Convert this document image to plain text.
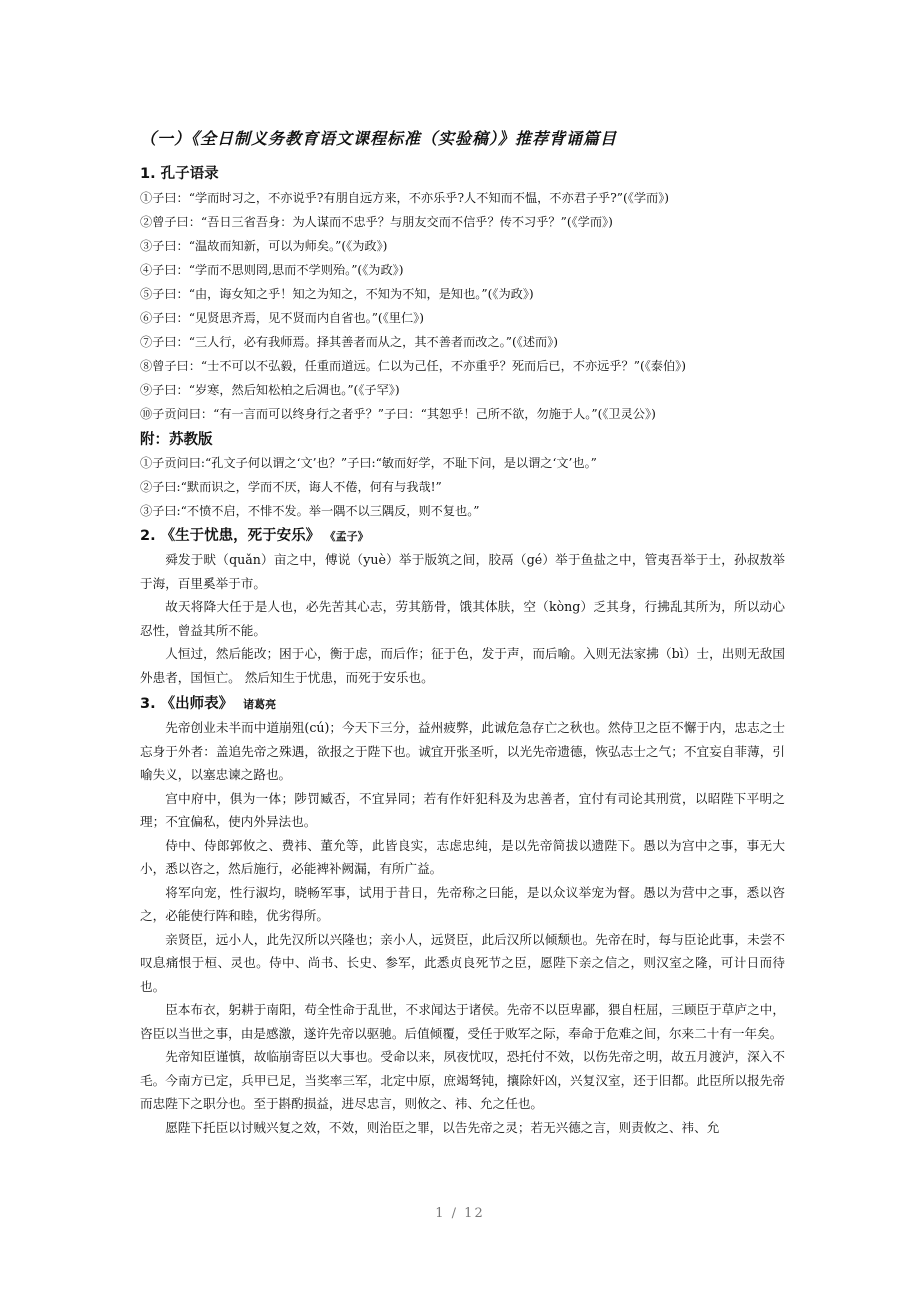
（一）《全日制义务教育语文课程标准（实验稿）》推荐背诵篇目
1. 孔子语录
①子曰：“学而时习之，不亦说乎?有朋自远方来，不亦乐乎?人不知而不愠，不亦君子乎?”(《学而》)
②曾子曰：“吾日三省吾身：为人谋而不忠乎？与朋友交而不信乎？传不习乎？”(《学而》)
③子曰：“温故而知新，可以为师矣。”(《为政》)
④子曰：“学而不思则罔,思而不学则殆。”(《为政》)
⑤子曰：“由，诲女知之乎！知之为知之，不知为不知，是知也。”(《为政》)
⑥子曰：“见贤思齐焉，见不贤而内自省也。”(《里仁》)
⑦子曰：“三人行，必有我师焉。择其善者而从之，其不善者而改之。”(《述而》)
⑧曾子曰：“士不可以不弘毅，任重而道远。仁以为己任，不亦重乎？死而后已，不亦远乎？”(《泰伯》)
⑨子曰：“岁寒，然后知松柏之后凋也。”(《子罕》)
⑩子贡问曰：“有一言而可以终身行之者乎？”子曰：“其恕乎！己所不欲，勿施于人。”(《卫灵公》)
附：苏教版
①子贡问曰:“孔文子何以谓之‘文’也？”子曰:“敏而好学，不耻下问，是以谓之‘文’也。”
②子曰:“默而识之，学而不厌，诲人不倦，何有与我哉!”
③子曰:“不愤不启，不悱不发。举一隅不以三隅反，则不复也。”
2. 《生于忧患，死于安乐》 《孟子》

舜发于畎（quǎn）亩之中，傅说（yuè）举于版筑之间，胶鬲（gé）举于鱼盐之中，管夷吾举于士，孙叔敖举于海，百里奚举于市。

故天将降大任于是人也，必先苦其心志，劳其筋骨，饿其体肤，空（kòng）乏其身，行拂乱其所为，所以动心忍性，曾益其所不能。

人恒过，然后能改；困于心，衡于虑，而后作；征于色，发于声，而后喻。入则无法家拂（bì）士，出则无敌国外患者，国恒亡。 然后知生于忧患，而死于安乐也。

3. 《出师表》 诸葛亮

先帝创业未半而中道崩殂(cú)；今天下三分，益州疲弊，此诚危急存亡之秋也。然侍卫之臣不懈于内，忠志之士忘身于外者：盖追先帝之殊遇，欲报之于陛下也。诚宜开张圣听，以光先帝遗德，恢弘志士之气；不宜妄自菲薄，引喻失义，以塞忠谏之路也。

宫中府中，俱为一体；陟罚臧否，不宜异同；若有作奸犯科及为忠善者，宜付有司论其刑赏，以昭陛下平明之理；不宜偏私，使内外异法也。

侍中、侍郎郭攸之、费祎、董允等，此皆良实，志虑忠纯，是以先帝简拔以遗陛下。愚以为宫中之事，事无大小，悉以咨之，然后施行，必能裨补阙漏，有所广益。

将军向宠，性行淑均，晓畅军事，试用于昔日，先帝称之曰能，是以众议举宠为督。愚以为营中之事，悉以咨之，必能使行阵和睦，优劣得所。

亲贤臣，远小人，此先汉所以兴隆也；亲小人，远贤臣，此后汉所以倾颓也。先帝在时，每与臣论此事，未尝不叹息痛恨于桓、灵也。侍中、尚书、长史、参军，此悉贞良死节之臣，愿陛下亲之信之，则汉室之隆，可计日而待也。

臣本布衣，躬耕于南阳，苟全性命于乱世，不求闻达于诸侯。先帝不以臣卑鄙，猥自枉屈，三顾臣于草庐之中，咨臣以当世之事，由是感激，遂许先帝以驱驰。后值倾覆，受任于败军之际，奉命于危难之间，尔来二十有一年矣。

先帝知臣谨慎，故临崩寄臣以大事也。受命以来，夙夜忧叹，恐托付不效，以伤先帝之明，故五月渡泸，深入不毛。今南方已定，兵甲已足，当奖率三军，北定中原，庶竭驽钝，攘除奸凶，兴复汉室，还于旧都。此臣所以报先帝而忠陛下之职分也。至于斟酌损益，进尽忠言，则攸之、祎、允之任也。

愿陛下托臣以讨贼兴复之效，不效，则治臣之罪，以告先帝之灵；若无兴德之言，则责攸之、祎、允

1 / 12
